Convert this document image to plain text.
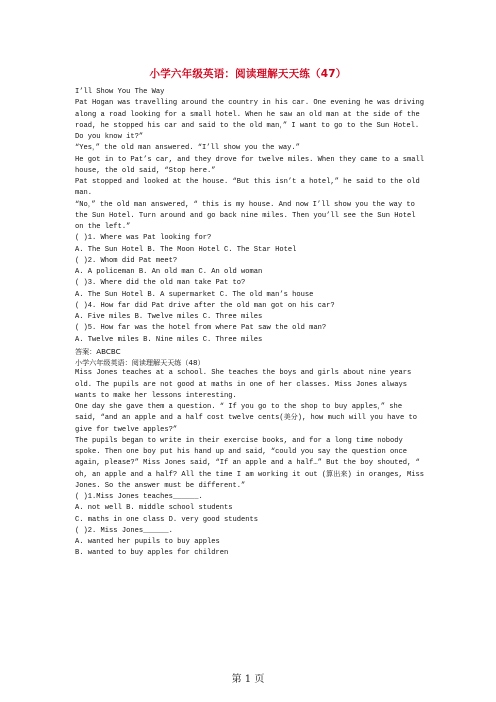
小学六年级英语：阅读理解天天练（47）

I’ll Show You The Way

Pat Hogan was travelling around the country in his car. One evening he was driving along a road looking for a small hotel. When he saw an old man at the side of the road, he stopped his car and said to the old man，” I want to go to the Sun Hotel. Do you know it?”

“Yes，” the old man answered. “I’ll show you the way.”

He got in to Pat’s car, and they drove for twelve miles. When they came to a small house, the old said, “Stop here.”

Pat stopped and looked at the house. “But this isn’t a hotel,” he said to the old man.

“No，” the old man answered, “ this is my house. And now I’ll show you the way to the Sun Hotel. Turn around and go back nine miles. Then you’ll see the Sun Hotel on the left.”

( )1. Where was Pat looking for?

A. The Sun Hotel B. The Moon Hotel C. The Star Hotel

( )2. Whom did Pat meet?

A. A policeman B. An old man C. An old woman

( )3. Where did the old man take Pat to?

A. The Sun Hotel B. A supermarket C. The old man’s house

( )4. How far did Pat drive after the old man got on his car?

A. Five miles B. Twelve miles C. Three miles

( )5. How far was the hotel from where Pat saw the old man?

A. Twelve miles B. Nine miles C. Three miles

答案：ABCBC

小学六年级英语：阅读理解天天练（48）

Miss Jones teaches at a school. She teaches the boys and girls about nine years old. The pupils are not good at maths in one of her classes. Miss Jones always wants to make her lessons interesting.

One day she gave them a question. “ If you go to the shop to buy apples，” she said, “and an apple and a half cost twelve cents(美分), how much will you have to give for twelve apples?”

The pupils began to write in their exercise books, and for a long time nobody spoke. Then one boy put his hand up and said, “could you say the question once again, please?” Miss Jones said, “If an apple and a half…” But the boy shouted, “ oh, an apple and a half? All the time I am working it out (算出来) in oranges, Miss Jones. So the answer must be different.”

( )1.Miss Jones teaches______.

A. not well B. middle school students

C. maths in one class D. very good students

( )2. Miss Jones______.

A. wanted her pupils to buy apples

B. wanted to buy apples for children

第 1 页
